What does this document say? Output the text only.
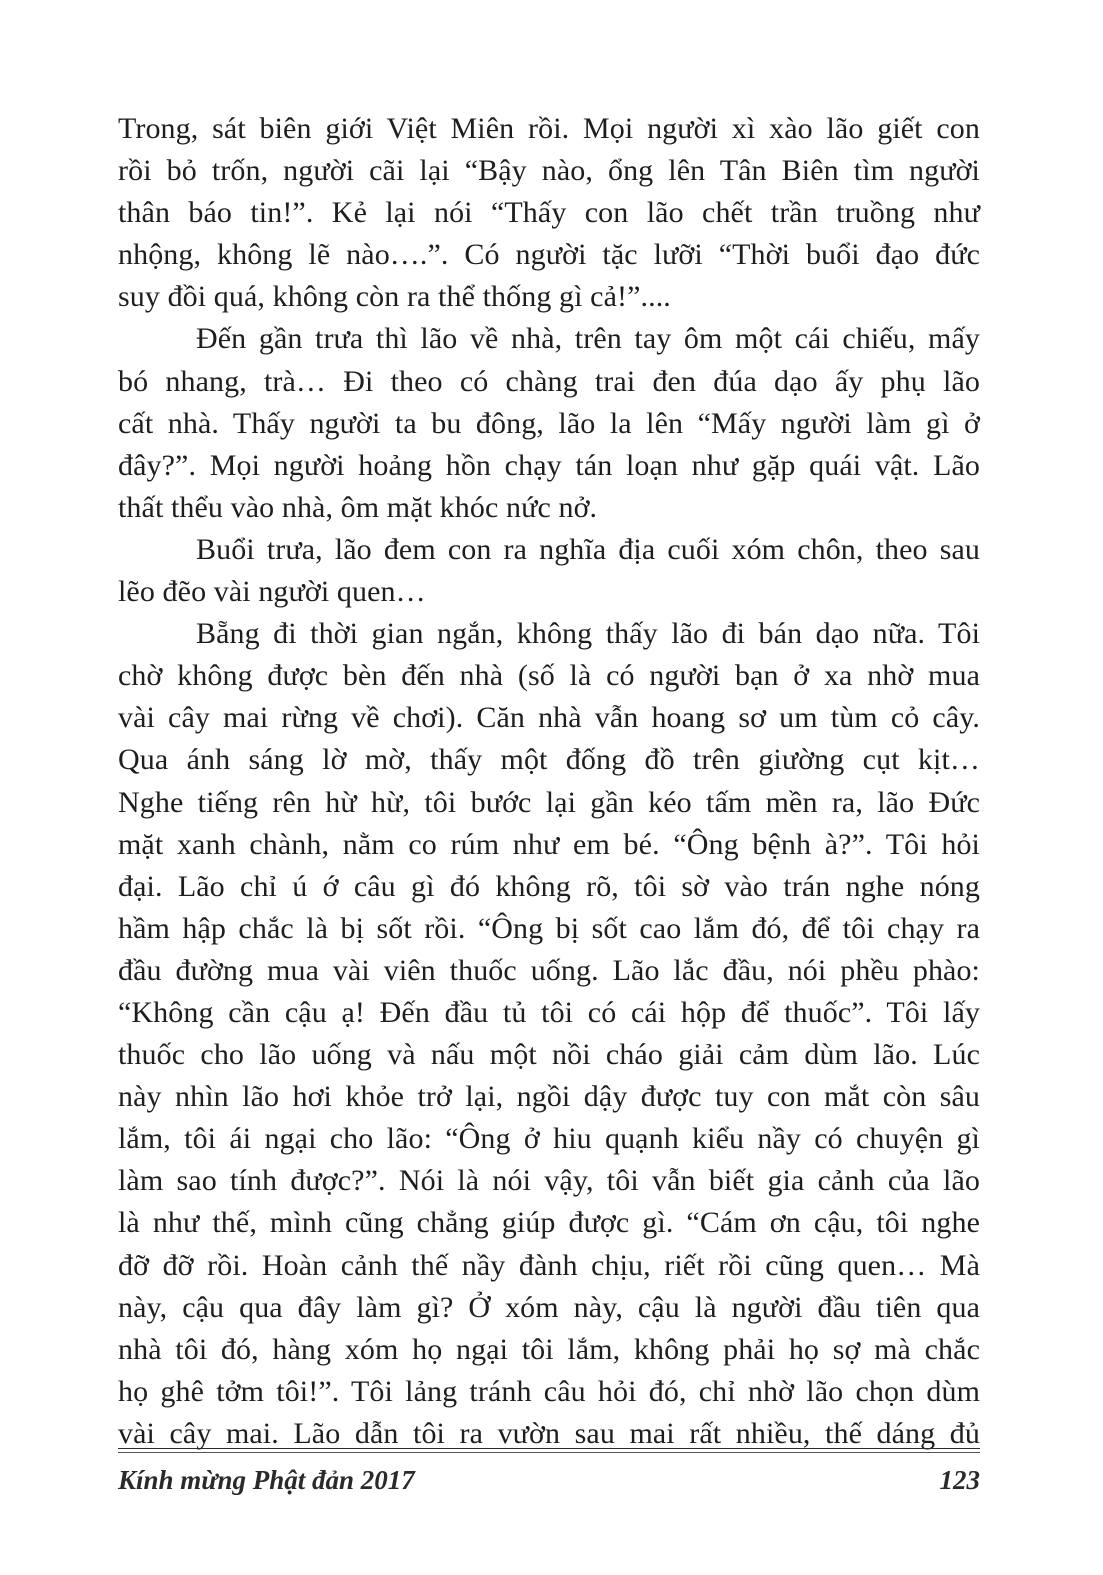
Trong, sát biên giới Việt Miên rồi. Mọi người xì xào lão giết con
rồi bỏ trốn, người cãi lại “Bậy nào, ổng lên Tân Biên tìm người
thân báo tin!”. Kẻ lại nói “Thấy con lão chết trần truồng như
nhộng, không lẽ nào….”. Có người tặc lưỡi “Thời buổi đạo đức
suy đồi quá, không còn ra thể thống gì cả!”....
Đến gần trưa thì lão về nhà, trên tay ôm một cái chiếu, mấy
bó nhang, trà… Đi theo có chàng trai đen đúa dạo ấy phụ lão
cất nhà. Thấy người ta bu đông, lão la lên “Mấy người làm gì ở
đây?”. Mọi người hoảng hồn chạy tán loạn như gặp quái vật. Lão
thất thểu vào nhà, ôm mặt khóc nức nở.
Buổi trưa, lão đem con ra nghĩa địa cuối xóm chôn, theo sau
lẽo đẽo vài người quen…
Bẵng đi thời gian ngắn, không thấy lão đi bán dạo nữa. Tôi
chờ không được bèn đến nhà (số là có người bạn ở xa nhờ mua
vài cây mai rừng về chơi). Căn nhà vẫn hoang sơ um tùm cỏ cây.
Qua ánh sáng lờ mờ, thấy một đống đồ trên giường cụt kịt…
Nghe tiếng rên hừ hừ, tôi bước lại gần kéo tấm mền ra, lão Đức
mặt xanh chành, nằm co rúm như em bé. “Ông bệnh à?”. Tôi hỏi
đại. Lão chỉ ú ớ câu gì đó không rõ, tôi sờ vào trán nghe nóng
hầm hập chắc là bị sốt rồi. “Ông bị sốt cao lắm đó, để tôi chạy ra
đầu đường mua vài viên thuốc uống. Lão lắc đầu, nói phều phào:
“Không cần cậu ạ! Đến đầu tủ tôi có cái hộp để thuốc”. Tôi lấy
thuốc cho lão uống và nấu một nồi cháo giải cảm dùm lão. Lúc
này nhìn lão hơi khỏe trở lại, ngồi dậy được tuy con mắt còn sâu
lắm, tôi ái ngại cho lão: “Ông ở hiu quạnh kiểu nầy có chuyện gì
làm sao tính được?”. Nói là nói vậy, tôi vẫn biết gia cảnh của lão
là như thế, mình cũng chẳng giúp được gì. “Cám ơn cậu, tôi nghe
đỡ đỡ rồi. Hoàn cảnh thế nầy đành chịu, riết rồi cũng quen… Mà
này, cậu qua đây làm gì? Ở xóm này, cậu là người đầu tiên qua
nhà tôi đó, hàng xóm họ ngại tôi lắm, không phải họ sợ mà chắc
họ ghê tởm tôi!”. Tôi lảng tránh câu hỏi đó, chỉ nhờ lão chọn dùm
vài cây mai. Lão dẫn tôi ra vườn sau mai rất nhiều, thế dáng đủ
Kính mừng Phật đản 2017	123
